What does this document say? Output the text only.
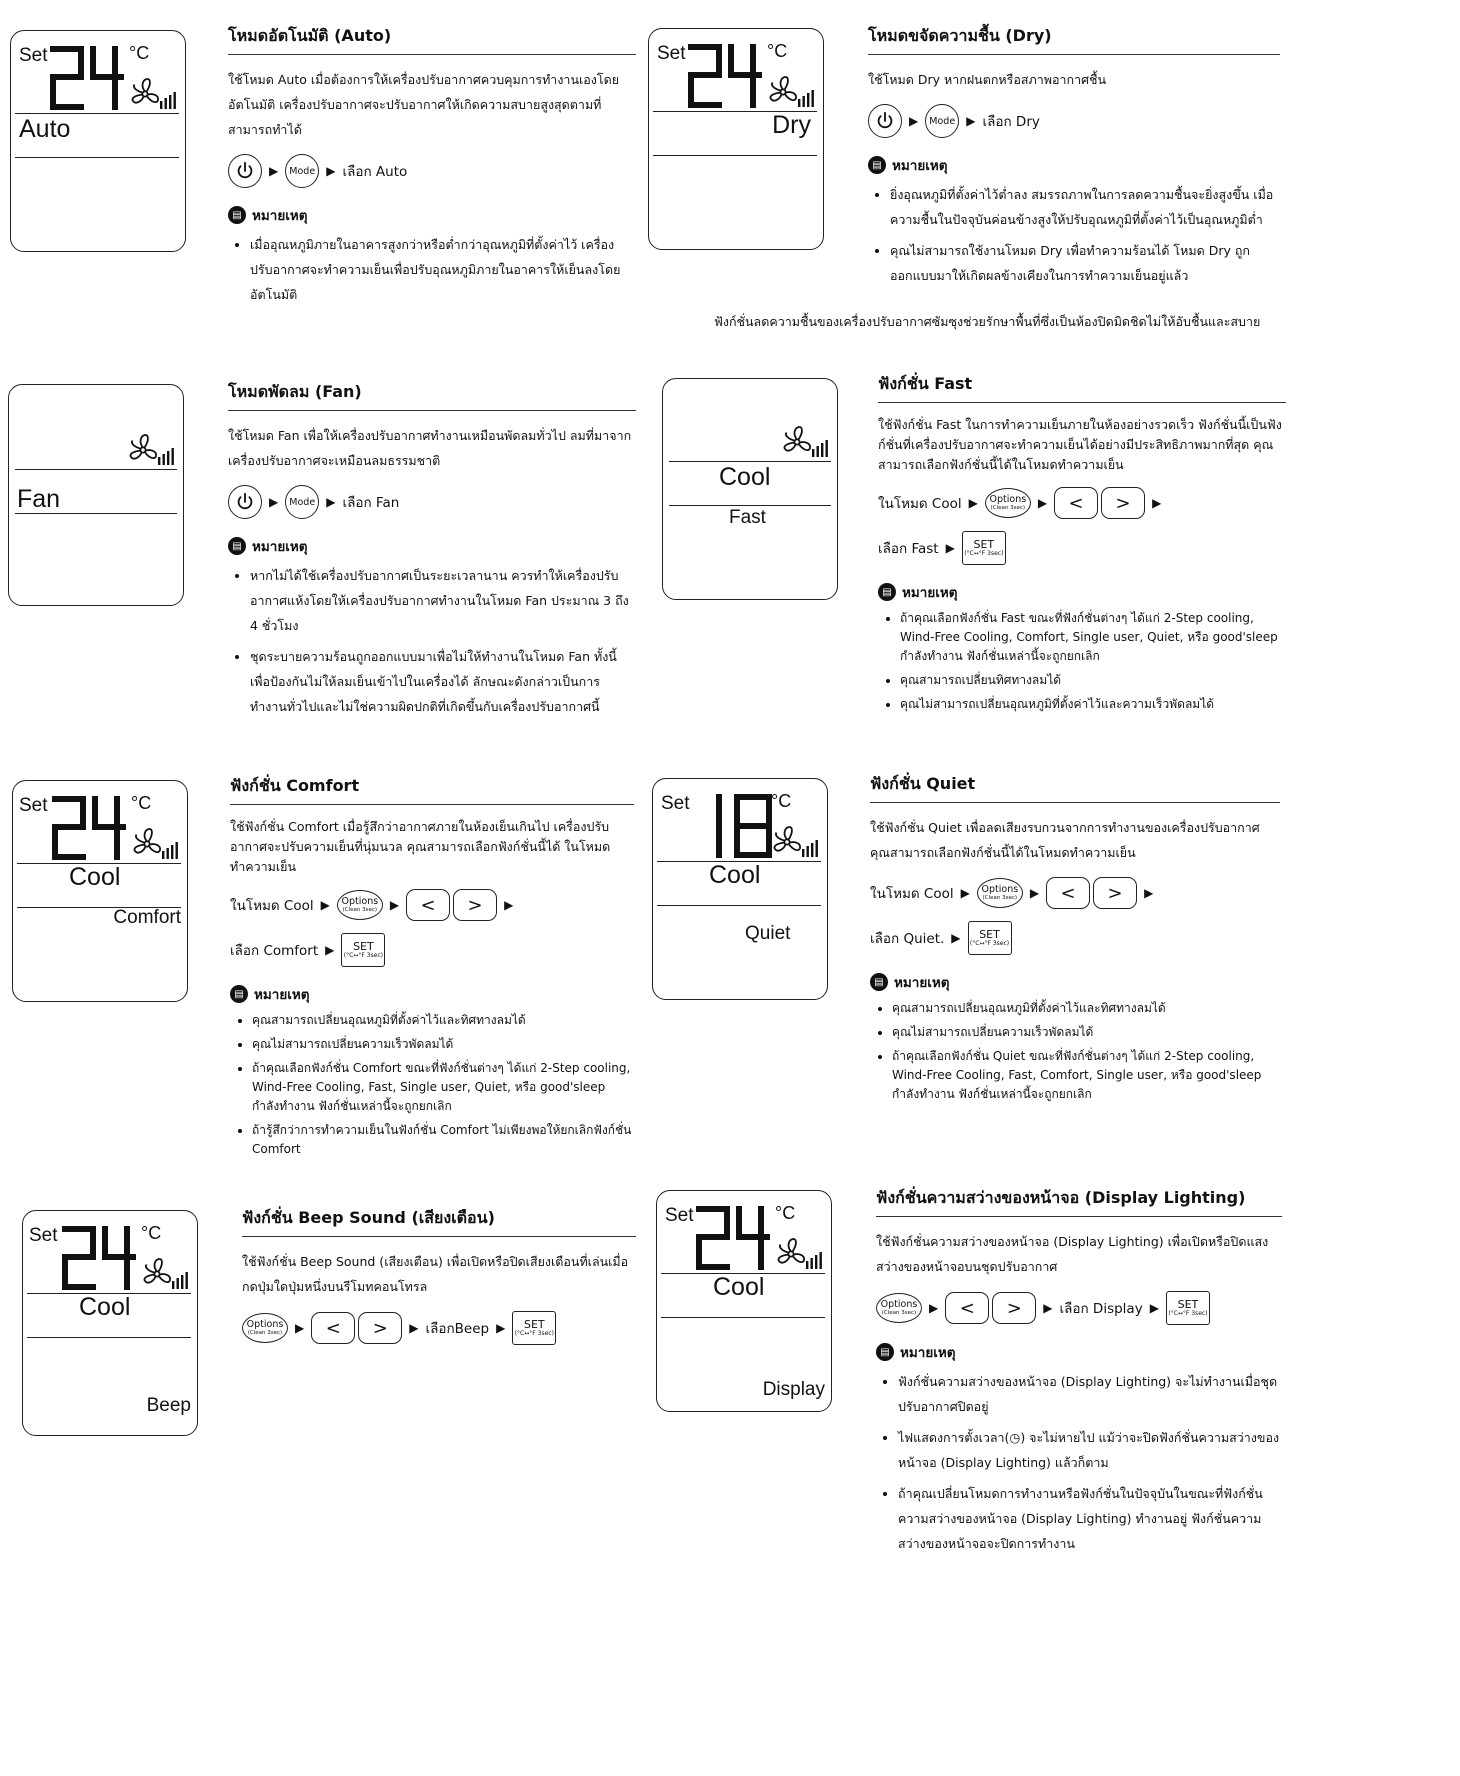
Set 24	°C
Auto
Set	°C
Dry
Fan
Cool
Fast
Set	°C
Cool
Comfort
Set	°C
Cool
Quiet
Set	°C
Cool
Beep
Set	°C
Cool
Display
โหมดอัตโนมัติ (Auto)

ใช้โหมด Auto เมื่อต้องการให้เครื่องปรับอากาศควบคุมการทำงานเองโดยอัตโนมัติ เครื่องปรับอากาศจะปรับอากาศให้เกิดความสบายสูงสุดตามที่สามารถทำได้

▶	Mode ▶ เลือก Auto
▤ หมายเหตุ
• เมื่ออุณหภูมิภายในอาคารสูงกว่าหรือต่ำกว่าอุณหภูมิที่ตั้งค่าไว้ เครื่องปรับอากาศจะทำความเย็นเพื่อปรับอุณหภูมิภายในอาคารให้เย็นลงโดยอัตโนมัติ
โหมดขจัดความชื้น (Dry)

ใช้โหมด Dry หากฝนตกหรือสภาพอากาศชื้น

▶	Mode ▶ เลือก Dry
▤ หมายเหตุ
• ยิ่งอุณหภูมิที่ตั้งค่าไว้ต่ำลง สมรรถภาพในการลดความชื้นจะยิ่งสูงขึ้น เมื่อความชื้นในปัจจุบันค่อนข้างสูงให้ปรับอุณหภูมิที่ตั้งค่าไว้เป็นอุณหภูมิต่ำ
• คุณไม่สามารถใช้งานโหมด Dry เพื่อทำความร้อนได้ โหมด Dry ถูกออกแบบมาให้เกิดผลข้างเคียงในการทำความเย็นอยู่แล้ว
ฟังก์ชั่นลดความชื้นของเครื่องปรับอากาศซัมซุงช่วยรักษาพื้นที่ซึ่งเป็นห้องปิดมิดชิดไม่ให้อับชื้นและสบาย
โหมดพัดลม (Fan)

ใช้โหมด Fan เพื่อให้เครื่องปรับอากาศทำงานเหมือนพัดลมทั่วไป ลมที่มาจากเครื่องปรับอากาศจะเหมือนลมธรรมชาติ

▶	Mode ▶ เลือก Fan
▤ หมายเหตุ
• หากไม่ได้ใช้เครื่องปรับอากาศเป็นระยะเวลานาน ควรทำให้เครื่องปรับอากาศแห้งโดยให้เครื่องปรับอากาศทำงานในโหมด Fan ประมาณ 3 ถึง 4 ชั่วโมง
• ชุดระบายความร้อนถูกออกแบบมาเพื่อไม่ให้ทำงานในโหมด Fan ทั้งนี้เพื่อป้องกันไม่ให้ลมเย็นเข้าไปในเครื่องได้ ลักษณะดังกล่าวเป็นการทำงานทั่วไปและไม่ใช่ความผิดปกติที่เกิดขึ้นกับเครื่องปรับอากาศนี้
ฟังก์ชั่น Fast

ใช้ฟังก์ชั่น Fast ในการทำความเย็นภายในห้องอย่างรวดเร็ว ฟังก์ชั่นนี้เป็นฟังก์ชั่นที่เครื่องปรับอากาศจะทำความเย็นได้อย่างมีประสิทธิภาพมากที่สุด คุณสามารถเลือกฟังก์ชั่นนี้ได้ในโหมดทำความเย็น

ในโหมด Cool ▶ Options
(Clean 3sec) ▶	<	>	▶
เลือก Fast ▶ SET
(°C↔°F 3sec)
▤ หมายเหตุ
• ถ้าคุณเลือกฟังก์ชั่น Fast ขณะที่ฟังก์ชั่นต่างๆ ได้แก่ 2-Step cooling, Wind-Free Cooling, Comfort, Single user, Quiet, หรือ good'sleep กำลังทำงาน ฟังก์ชั่นเหล่านี้จะถูกยกเลิก
• คุณสามารถเปลี่ยนทิศทางลมได้
• คุณไม่สามารถเปลี่ยนอุณหภูมิที่ตั้งค่าไว้และความเร็วพัดลมได้
ฟังก์ชั่น Comfort

ใช้ฟังก์ชั่น Comfort เมื่อรู้สึกว่าอากาศภายในห้องเย็นเกินไป เครื่องปรับอากาศจะปรับความเย็นที่นุ่มนวล คุณสามารถเลือกฟังก์ชั่นนี้ได้ ในโหมดทำความเย็น

ในโหมด Cool ▶ Options
(Clean 3sec) ▶	<	>	▶
เลือก Comfort ▶ SET
(°C↔°F 3sec)
▤ หมายเหตุ
• คุณสามารถเปลี่ยนอุณหภูมิที่ตั้งค่าไว้และทิศทางลมได้
• คุณไม่สามารถเปลี่ยนความเร็วพัดลมได้
• ถ้าคุณเลือกฟังก์ชั่น Comfort ขณะที่ฟังก์ชั่นต่างๆ ได้แก่ 2-Step cooling, Wind-Free Cooling, Fast, Single user, Quiet, หรือ good'sleep กำลังทำงาน ฟังก์ชั่นเหล่านี้จะถูกยกเลิก
• ถ้ารู้สึกว่าการทำความเย็นในฟังก์ชั่น Comfort ไม่เพียงพอให้ยกเลิกฟังก์ชั่น Comfort
ฟังก์ชั่น Quiet

ใช้ฟังก์ชั่น Quiet เพื่อลดเสียงรบกวนจากการทำงานของเครื่องปรับอากาศ คุณสามารถเลือกฟังก์ชั่นนี้ได้ในโหมดทำความเย็น

ในโหมด Cool ▶ Options
(Clean 3sec) ▶	<	>	▶
เลือก Quiet. ▶ SET
(°C↔°F 3sec)
▤ หมายเหตุ
• คุณสามารถเปลี่ยนอุณหภูมิที่ตั้งค่าไว้และทิศทางลมได้
• คุณไม่สามารถเปลี่ยนความเร็วพัดลมได้
• ถ้าคุณเลือกฟังก์ชั่น Quiet ขณะที่ฟังก์ชั่นต่างๆ ได้แก่ 2-Step cooling, Wind-Free Cooling, Fast, Comfort, Single user, หรือ good'sleep กำลังทำงาน ฟังก์ชั่นเหล่านี้จะถูกยกเลิก
ฟังก์ชั่น Beep Sound (เสียงเตือน)

ใช้ฟังก์ชั่น Beep Sound (เสียงเตือน) เพื่อเปิดหรือปิดเสียงเตือนที่เล่นเมื่อกดปุ่มใดปุ่มหนึ่งบนรีโมทคอนโทรล

Options
(Clean 3sec) ▶	<	>	▶ เลือกBeep ▶ SET
(°C↔°F 3sec)
ฟังก์ชั่นความสว่างของหน้าจอ (Display Lighting)

ใช้ฟังก์ชั่นความสว่างของหน้าจอ (Display Lighting) เพื่อเปิดหรือปิดแสงสว่างของหน้าจอบนชุดปรับอากาศ

Options
(Clean 3sec) ▶	<	>	▶ เลือก Display ▶ SET
(°C↔°F 3sec)
▤ หมายเหตุ
• ฟังก์ชั่นความสว่างของหน้าจอ (Display Lighting) จะไม่ทำงานเมื่อชุดปรับอากาศปิดอยู่
• ไฟแสดงการตั้งเวลา(◷) จะไม่หายไป แม้ว่าจะปิดฟังก์ชั่นความสว่างของหน้าจอ (Display Lighting) แล้วก็ตาม
• ถ้าคุณเปลี่ยนโหมดการทำงานหรือฟังก์ชั่นในปัจจุบันในขณะที่ฟังก์ชั่นความสว่างของหน้าจอ (Display Lighting) ทำงานอยู่ ฟังก์ชั่นความสว่างของหน้าจอจะปิดการทำงาน
